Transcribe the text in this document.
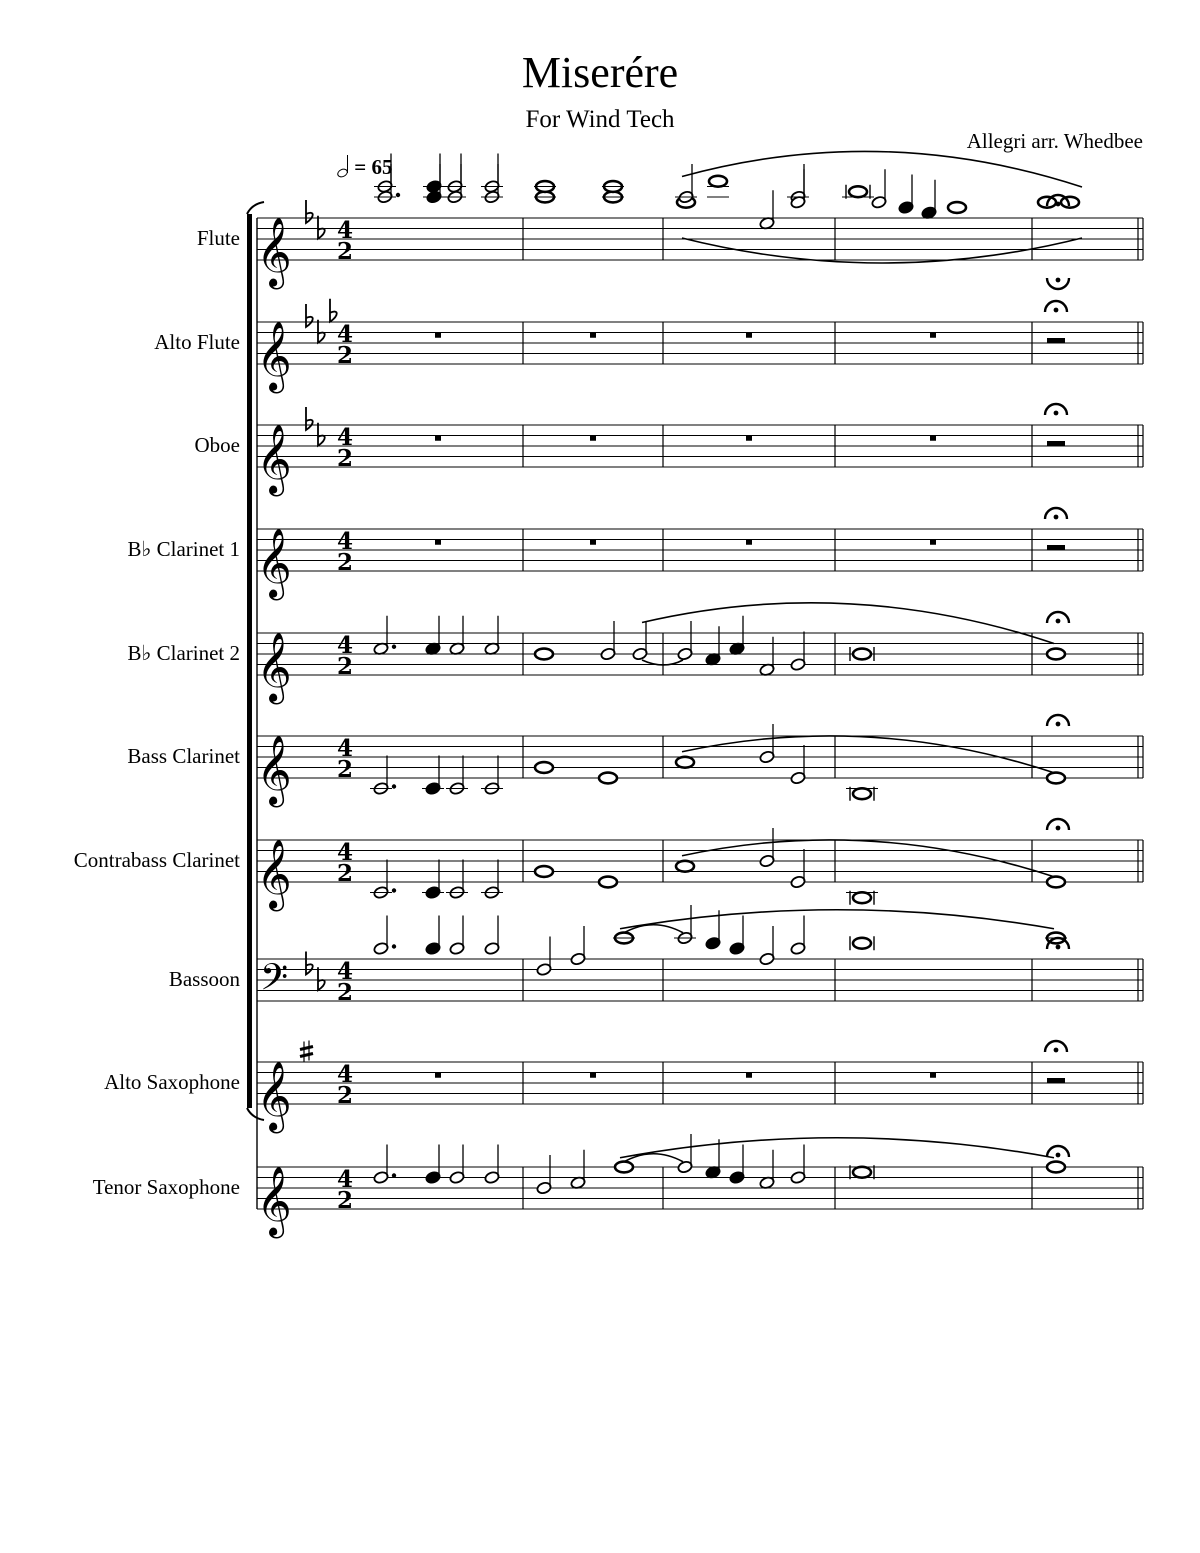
Miserére
For Wind Tech
Allegri arr. Whedbee
= 65
Flute
Alto Flute
Oboe
B♭ Clarinet 1
B♭ Clarinet 2
Bass Clarinet
Contrabass Clarinet
Bassoon
Alto Saxophone
Tenor Saxophone
𝄞 4
2
𝄞 4
2
𝄞 4
2
𝄞 4
2
𝄞 4
2
𝄞 4
2
𝄞 4
2
𝄢 4
2
𝄞 4
2
𝄞 4
2
